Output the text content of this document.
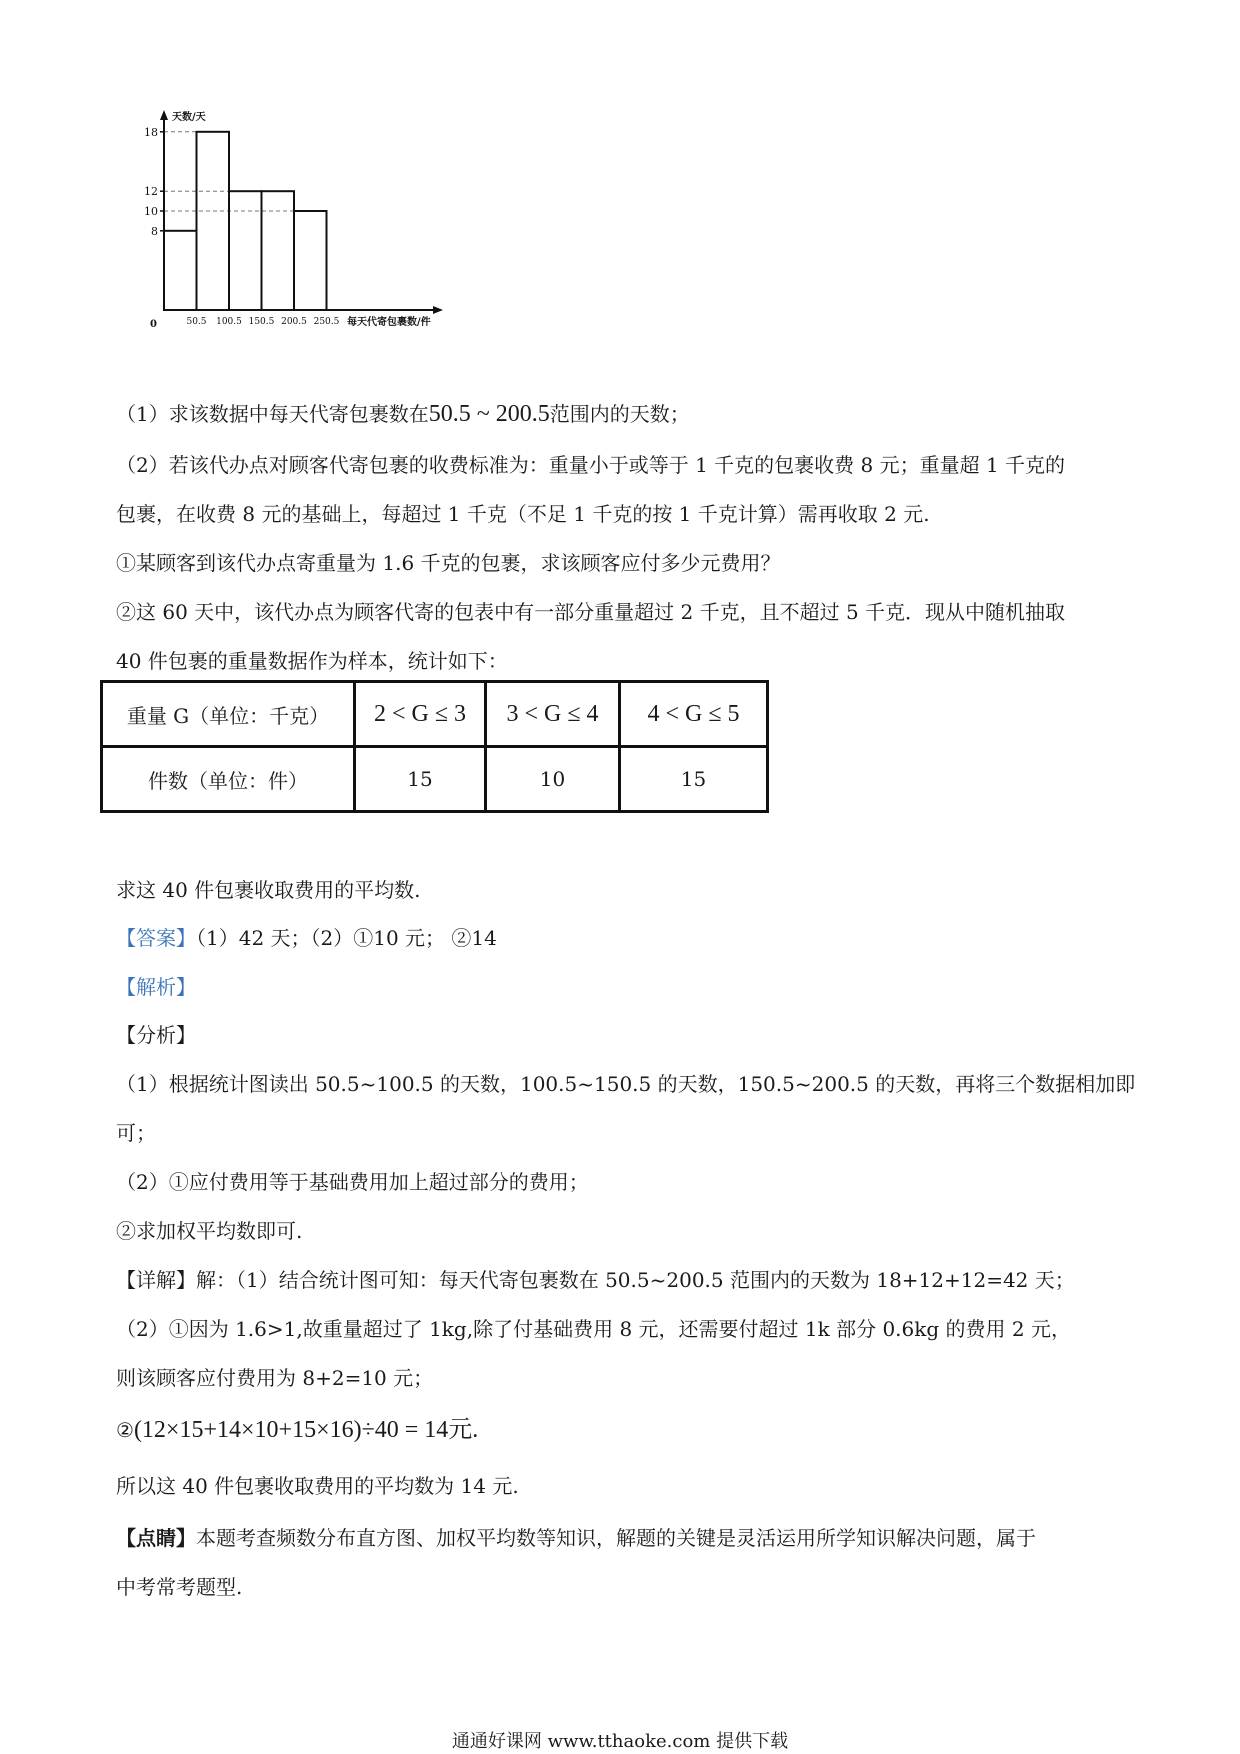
天数/天
0	每天代寄包裹数/件
50.5 100.5 150.5 200.5 250.5
18
12
10
8
（1）求该数据中每天代寄包裹数在50.5 ~ 200.5范围内的天数；
（2）若该代办点对顾客代寄包裹的收费标准为：重量小于或等于 1 千克的包裹收费 8 元；重量超 1 千克的
包裹，在收费 8 元的基础上，每超过 1 千克（不足 1 千克的按 1 千克计算）需再收取 2 元.
①某顾客到该代办点寄重量为 1.6 千克的包裹，求该顾客应付多少元费用？
②这 60 天中，该代办点为顾客代寄的包表中有一部分重量超过 2 千克，且不超过 5 千克．现从中随机抽取
40 件包裹的重量数据作为样本，统计如下：
重量 G（单位：千克）	2 < G ≤ 3	3 < G ≤ 4	4 < G ≤ 5
件数（单位：件）	15	10	15
求这 40 件包裹收取费用的平均数.
【答案】（1）42 天；（2）①10 元； ②14
【解析】
【分析】
（1）根据统计图读出 50.5~100.5 的天数，100.5~150.5 的天数，150.5~200.5 的天数，再将三个数据相加即
可；
（2）①应付费用等于基础费用加上超过部分的费用；
②求加权平均数即可.
【详解】解：（1）结合统计图可知：每天代寄包裹数在 50.5~200.5 范围内的天数为 18+12+12=42 天；
（2）①因为 1.6>1,故重量超过了 1kg,除了付基础费用 8 元，还需要付超过 1k 部分 0.6kg 的费用 2 元，
则该顾客应付费用为 8+2=10 元；
②(12×15+14×10+15×16)÷40 = 14元.
所以这 40 件包裹收取费用的平均数为 14 元.
【点睛】本题考查频数分布直方图、加权平均数等知识，解题的关键是灵活运用所学知识解决问题，属于
中考常考题型.
通通好课网 www.tthaoke.com 提供下载
